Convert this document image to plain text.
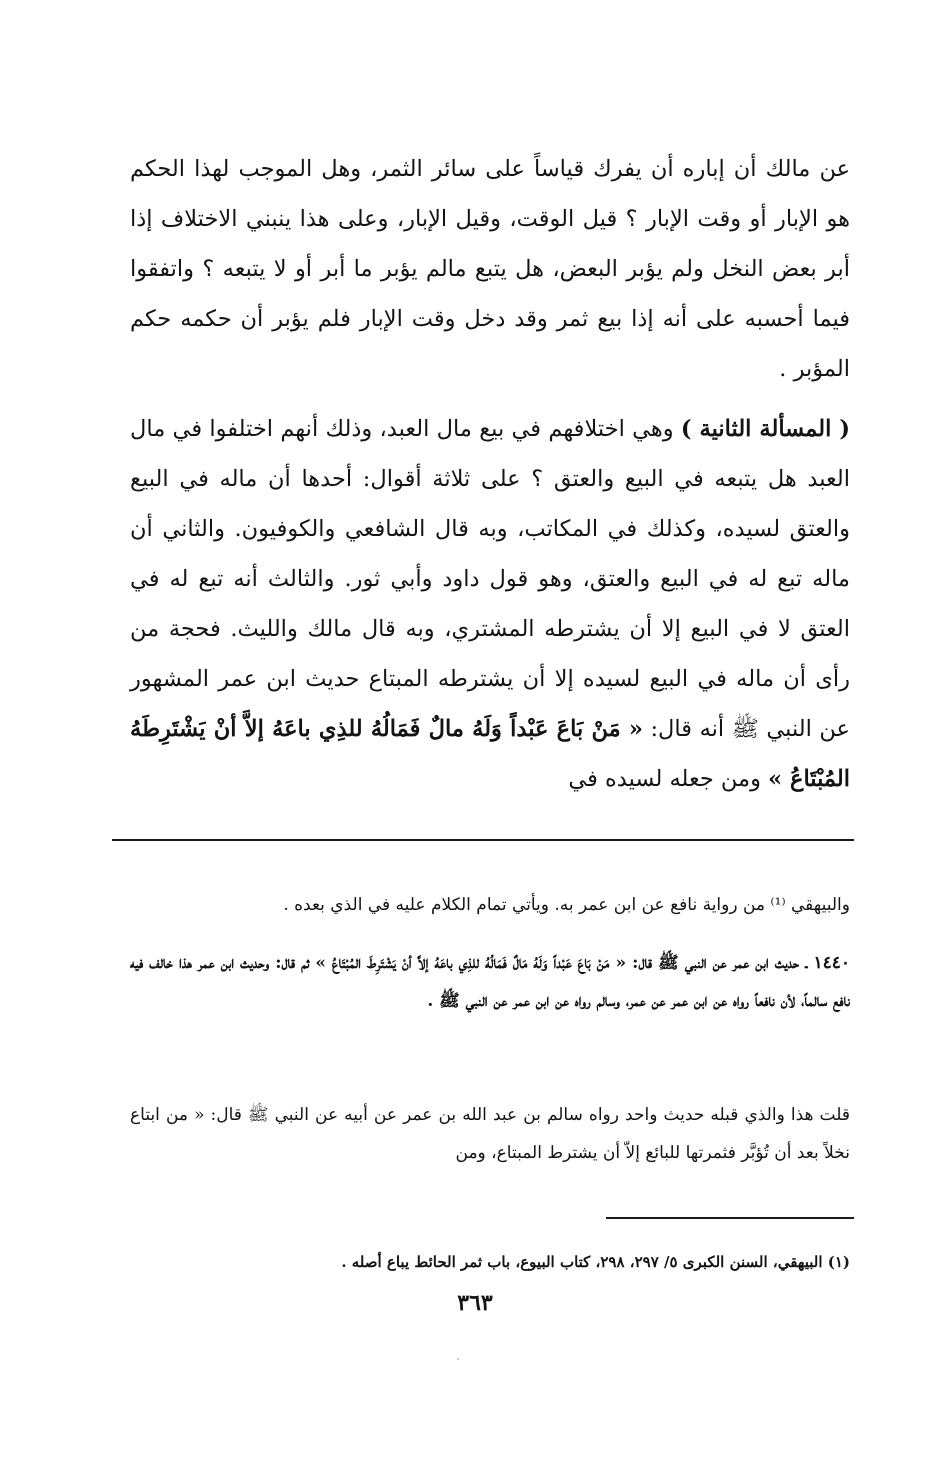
عن مالك أن إباره أن يفرك قياساً على سائر الثمر، وهل الموجب لهذا الحكم هو الإبار أو وقت الإبار ؟ قيل الوقت، وقيل الإبار، وعلى هذا ينبني الاختلاف إذا أبر بعض النخل ولم يؤبر البعض، هل يتبع مالم يؤبر ما أبر أو لا يتبعه ؟ واتفقوا فيما أحسبه على أنه إذا بيع ثمر وقد دخل وقت الإبار فلم يؤبر أن حكمه حكم المؤبر .

( المسألة الثانية ) وهي اختلافهم في بيع مال العبد، وذلك أنهم اختلفوا في مال العبد هل يتبعه في البيع والعتق ؟ على ثلاثة أقوال: أحدها أن ماله في البيع والعتق لسيده، وكذلك في المكاتب، وبه قال الشافعي والكوفيون. والثاني أن ماله تبع له في البيع والعتق، وهو قول داود وأبي ثور. والثالث أنه تبع له في العتق لا في البيع إلا أن يشترطه المشتري، وبه قال مالك والليث. فحجة من رأى أن ماله في البيع لسيده إلا أن يشترطه المبتاع حديث ابن عمر المشهور عن النبي ﷺ أنه قال: « مَنْ بَاعَ عَبْداً وَلَهُ مالٌ فَمَالُهُ للذِي باعَهُ إلاَّ أنْ يَشْتَرِطَهُ المُبْتَاعُ » ومن جعله لسيده في

والبيهقي ⁽¹⁾ من رواية نافع عن ابن عمر به. ويأتي تمام الكلام عليه في الذي بعده .

١٤٤٠ ـ حديث ابن عمر عن النبي ﷺ قال: « مَنْ بَاعَ عَبْداً وَلَهُ مَالٌ فَمَالُهُ للذِي باعَهُ إلاَّ أنْ يَشْتَرِطَ المُبْتَاعُ » ثم قال: وحديث ابن عمر هذا خالف فيه نافع سالماً، لأن نافعاً رواه عن ابن عمر عن عمر، وسالم رواه عن ابن عمر عن النبي ﷺ .

قلت هذا والذي قبله حديث واحد رواه سالم بن عبد الله بن عمر عن أبيه عن النبي ﷺ قال: « من ابتاع نخلاً بعد أن تُؤبَّر فثمرتها للبائع إلاّ أن يشترط المبتاع، ومن

(١) البيهقي، السنن الكبرى ٥/ ٢٩٧، ٢٩٨، كتاب البيوع، باب ثمر الحائط يباع أصله .

٣٦٣
